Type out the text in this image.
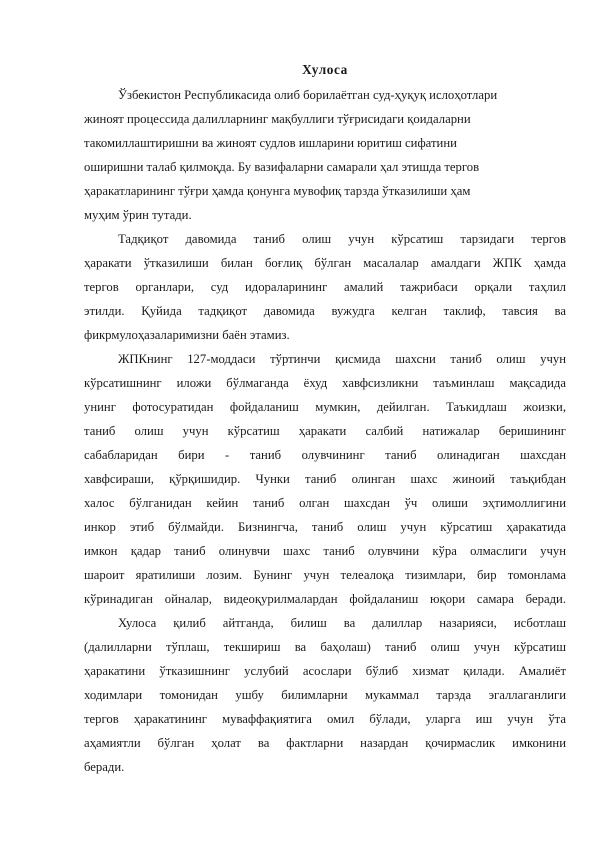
Хулоса

Ўзбекистон Республикасида олиб борилаётган суд-ҳуқуқ ислоҳотлари
жиноят процессида далилларнинг мақбуллиги тўғрисидаги қоидаларни
такомиллаштиришни ва жиноят судлов ишларини юритиш сифатини
оширишни талаб қилмоқда. Бу вазифаларни самарали ҳал этишда тергов
ҳаракатларининг тўғри ҳамда қонунга мувофиқ тарзда ўтказилиши ҳам
муҳим ўрин тутади.

Тадқиқот давомида таниб олиш учун кўрсатиш тарзидаги тергов
ҳаракати ўтказилиши билан боғлиқ бўлган масалалар амалдаги ЖПК ҳамда
тергов органлари, суд идораларининг амалий тажрибаси орқали таҳлил
этилди. Қуйида тадқиқот давомида вужудга келган таклиф, тавсия ва
фикрмулоҳазаларимизни баён этамиз.

ЖПКнинг 127-моддаси тўртинчи қисмида шахсни таниб олиш учун
кўрсатишнинг иложи бўлмаганда ёхуд хавфсизликни таъминлаш мақсадида
унинг фотосуратидан фойдаланиш мумкин, дейилган. Таъкидлаш жоизки,
таниб олиш учун кўрсатиш ҳаракати салбий натижалар беришининг
сабабларидан бири - таниб олувчининг таниб олинадиган шахсдан
хавфсираши, қўрқишидир. Чунки таниб олинган шахс жиноий таъқибдан
халос бўлганидан кейин таниб олган шахсдан ўч олиши эҳтимоллигини
инкор этиб бўлмайди. Бизнингча, таниб олиш учун кўрсатиш ҳаракатида
имкон қадар таниб олинувчи шахс таниб олувчини кўра олмаслиги учун
шароит яратилиши лозим. Бунинг учун телеалоқа тизимлари, бир томонлама
кўринадиган ойналар, видеоқурилмалардан фойдаланиш юқори самара беради.

Хулоса қилиб айтганда, билиш ва далиллар назарияси, исботлаш
(далилларни тўплаш, текшириш ва баҳолаш) таниб олиш учун кўрсатиш
ҳаракатини ўтказишнинг услубий асослари бўлиб хизмат қилади. Амалиёт
ходимлари томонидан ушбу билимларни мукаммал тарзда эгаллаганлиги
тергов ҳаракатининг муваффақиятига омил бўлади, уларга иш учун ўта
аҳамиятли бўлган ҳолат ва фактларни назардан қочирмаслик имконини
беради.
